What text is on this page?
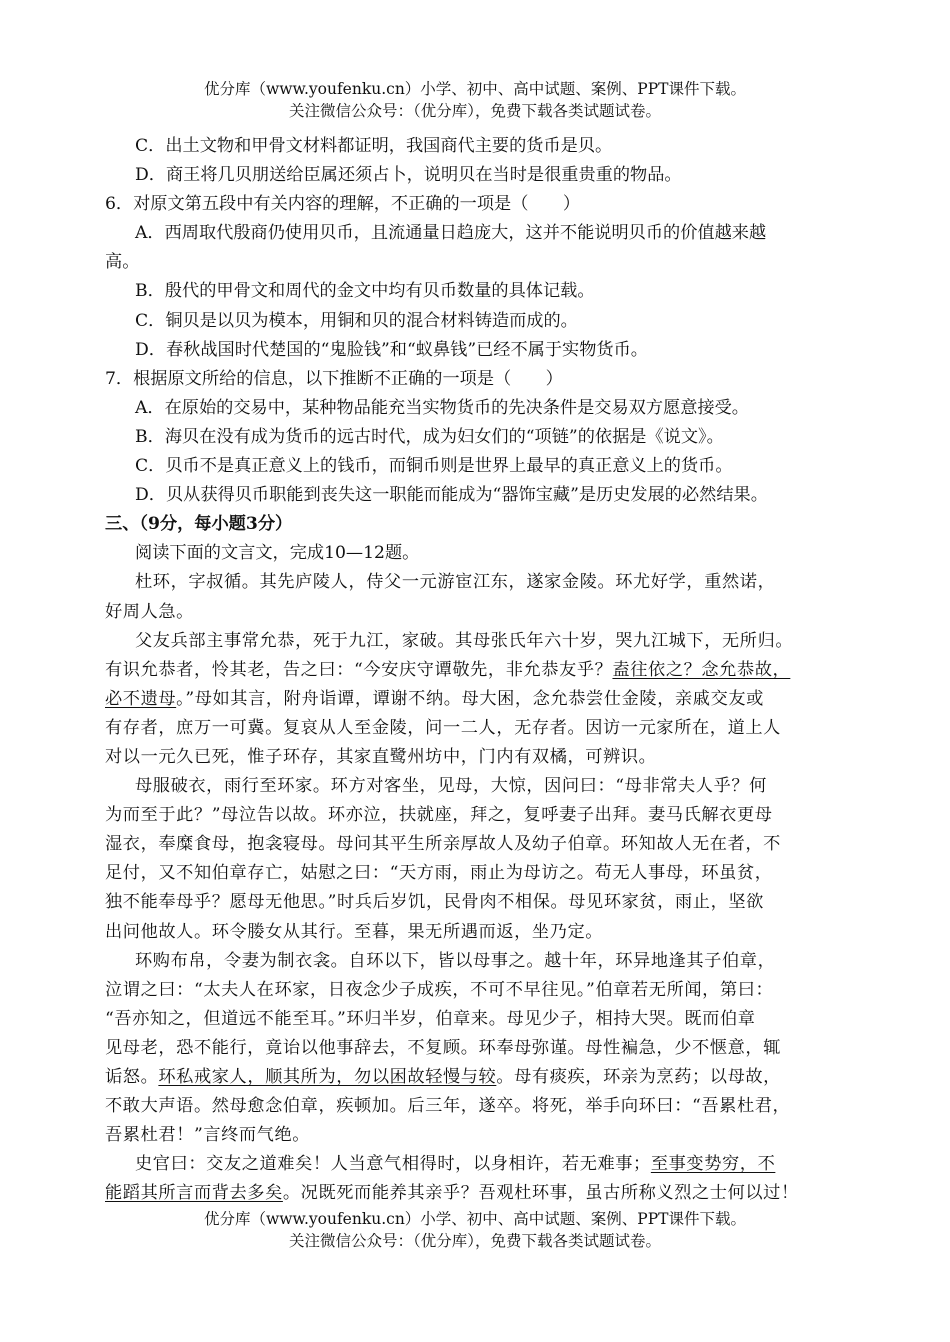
优分库（www.youfenku.cn）小学、初中、高中试题、案例、PPT课件下载。
关注微信公众号：（优分库），免费下载各类试题试卷。
C．出土文物和甲骨文材料都证明，我国商代主要的货币是贝。
D．商王将几贝朋送给臣属还须占卜，说明贝在当时是很重贵重的物品。
6．对原文第五段中有关内容的理解，不正确的一项是（　　）
A．西周取代殷商仍使用贝币，且流通量日趋庞大，这并不能说明贝币的价值越来越
高。
B．殷代的甲骨文和周代的金文中均有贝币数量的具体记载。
C．铜贝是以贝为模本，用铜和贝的混合材料铸造而成的。
D．春秋战国时代楚国的“鬼脸钱”和“蚁鼻钱”已经不属于实物货币。
7．根据原文所给的信息，以下推断不正确的一项是（　　）
A．在原始的交易中，某种物品能充当实物货币的先决条件是交易双方愿意接受。
B．海贝在没有成为货币的远古时代，成为妇女们的“项链”的依据是《说文》。
C．贝币不是真正意义上的钱币，而铜币则是世界上最早的真正意义上的货币。
D．贝从获得贝币职能到丧失这一职能而能成为“器饰宝藏”是历史发展的必然结果。
三、（9分，每小题3分）
阅读下面的文言文，完成10—12题。
杜环，字叔循。其先庐陵人，侍父一元游宦江东，遂家金陵。环尤好学，重然诺，
好周人急。
父友兵部主事常允恭，死于九江，家破。其母张氏年六十岁，哭九江城下，无所归。
有识允恭者，怜其老，告之曰：“今安庆守谭敬先，非允恭友乎？盍往依之？念允恭故，
必不遗母。”母如其言，附舟诣谭，谭谢不纳。母大困，念允恭尝仕金陵，亲戚交友或
有存者，庶万一可冀。复哀从人至金陵，问一二人，无存者。因访一元家所在，道上人
对以一元久已死，惟子环存，其家直鹭州坊中，门内有双橘，可辨识。
母服破衣，雨行至环家。环方对客坐，见母，大惊，因问曰：“母非常夫人乎？何
为而至于此？”母泣告以故。环亦泣，扶就座，拜之，复呼妻子出拜。妻马氏解衣更母
湿衣，奉糜食母，抱衾寝母。母问其平生所亲厚故人及幼子伯章。环知故人无在者，不
足付，又不知伯章存亡，姑慰之曰：“天方雨，雨止为母访之。苟无人事母，环虽贫，
独不能奉母乎？愿母无他思。”时兵后岁饥，民骨肉不相保。母见环家贫，雨止，坚欲
出问他故人。环令媵女从其行。至暮，果无所遇而返，坐乃定。
环购布帛，令妻为制衣衾。自环以下，皆以母事之。越十年，环异地逢其子伯章，
泣谓之曰：“太夫人在环家，日夜念少子成疾，不可不早往见。”伯章若无所闻，第曰：
“吾亦知之，但道远不能至耳。”环归半岁，伯章来。母见少子，相持大哭。既而伯章
见母老，恐不能行，竟诒以他事辞去，不复顾。环奉母弥谨。母性褊急，少不惬意，辄
诟怒。环私戒家人，顺其所为，勿以困故轻慢与较。母有痰疾，环亲为烹药；以母故，
不敢大声语。然母愈念伯章，疾顿加。后三年，遂卒。将死，举手向环曰：“吾累杜君，
吾累杜君！”言终而气绝。
史官曰：交友之道难矣！人当意气相得时，以身相许，若无难事；至事变势穷，不
能蹈其所言而背去多矣。况既死而能养其亲乎？吾观杜环事，虽古所称义烈之士何以过！
优分库（www.youfenku.cn）小学、初中、高中试题、案例、PPT课件下载。
关注微信公众号：（优分库），免费下载各类试题试卷。
